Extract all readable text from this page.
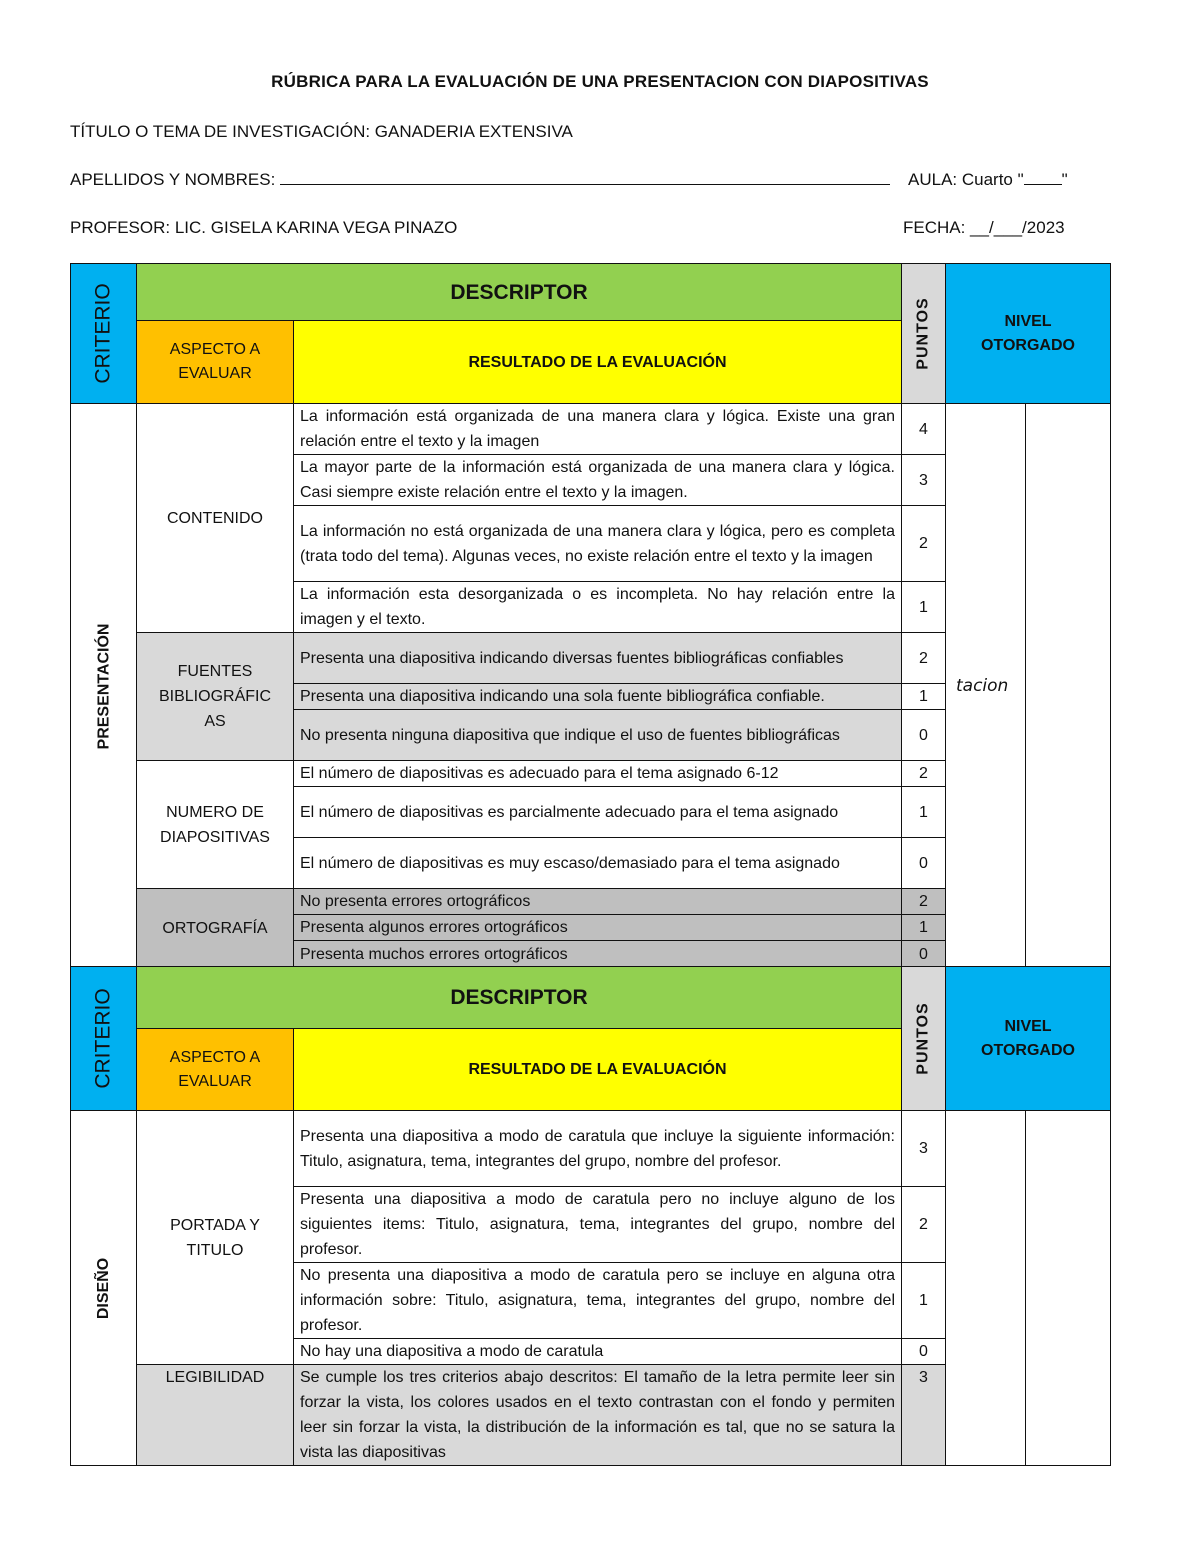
RÚBRICA PARA LA EVALUACIÓN DE UNA PRESENTACION CON DIAPOSITIVAS
TÍTULO O TEMA DE INVESTIGACIÓN: GANADERIA EXTENSIVA
APELLIDOS Y NOMBRES:	AULA: Cuarto " "
PROFESOR: LIC. GISELA KARINA VEGA PINAZO	FECHA: __/___/2023
CRITERIO	DESCRIPTOR		PUNTOS	NIVEL OTORGADO	

	ASPECTO A EVALUAR	RESULTADO DE LA EVALUACIÓN			

PRESENTACIÓN	CONTENIDO	La información está organizada de una manera clara y lógica. Existe una gran relación entre el texto y la imagen	4	tacion	
		La mayor parte de la información está organizada de una manera clara y lógica. Casi siempre existe relación entre el texto y la imagen.	3		
		La información no está organizada de una manera clara y lógica, pero es completa (trata todo del tema). Algunas veces, no existe relación entre el texto y la imagen	2		
		La información esta desorganizada o es incompleta. No hay relación entre la imagen y el texto.	1		

	FUENTES BIBLIOGRÁFIC AS	Presenta una diapositiva indicando diversas fuentes bibliográficas confiables	2		
		Presenta una diapositiva indicando una sola fuente bibliográfica confiable.	1		
		No presenta ninguna diapositiva que indique el uso de fuentes bibliográficas	0		

	NUMERO DE DIAPOSITIVAS	El número de diapositivas es adecuado para el tema asignado 6-12	2		
		El número de diapositivas es parcialmente adecuado para el tema asignado	1		
		El número de diapositivas es muy escaso/demasiado para el tema asignado	0		
	ORTOGRAFÍA	No presenta errores ortográficos	2		
		Presenta algunos errores ortográficos	1		
		Presenta muchos errores ortográficos	0		
CRITERIO	DESCRIPTOR		PUNTOS	NIVEL OTORGADO	

	ASPECTO A EVALUAR	RESULTADO DE LA EVALUACIÓN			

DISEÑO	PORTADA Y TITULO	Presenta una diapositiva a modo de caratula que incluye la siguiente información: Titulo, asignatura, tema, integrantes del grupo, nombre del profesor.	3		
		Presenta una diapositiva a modo de caratula pero no incluye alguno de los siguientes items: Titulo, asignatura, tema, integrantes del grupo, nombre del profesor.	2		
		No presenta una diapositiva a modo de caratula pero se incluye en alguna otra información sobre: Titulo, asignatura, tema, integrantes del grupo, nombre del profesor.	1		
		No hay una diapositiva a modo de caratula	0		
	LEGIBILIDAD	Se cumple los tres criterios abajo descritos: El tamaño de la letra permite leer sin forzar la vista, los colores usados en el texto contrastan con el fondo y permiten leer sin forzar la vista, la distribución de la información es tal, que no se satura la vista las diapositivas	3		
